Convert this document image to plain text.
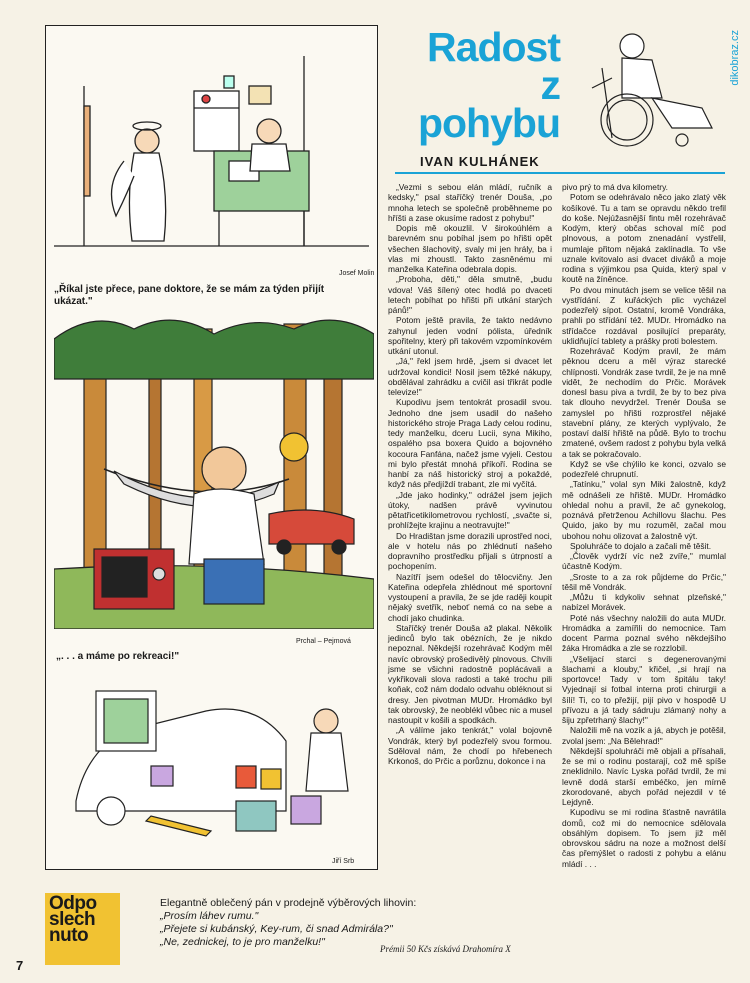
dikobraz.cz
Josef Molin
„Říkal jste přece, pane doktore, že se mám za týden přijít ukázat."
Prchal – Pejmová
„. . . a máme po rekreaci!"
Jiří Srb
Radost
z
pohybu
IVAN KULHÁNEK

„Vezmi s sebou elán mládí, ručník a kedsky," psal staříčký trenér Douša, „po mnoha letech se společně proběhneme po hříšti a zase okusíme radost z pohybu!"

Dopis mě okouzlil. V širokoúhlém a barevném snu pobíhal jsem po hřišti opět všechen šlachovitý, svaly mi jen hrály, ba i vlas mi zhoustl. Takto zasněnému mi manželka Kateřina odebrala dopis.

„Proboha, děti," děla smutně, „budu vdova! Váš šílený otec hodlá po dvaceti letech pobíhat po hřišti při utkání starých pánů!"

Potom ještě pravila, že takto nedávno zahynul jeden vodní pólista, úředník spořitelny, který při takovém vzpomínkovém utkání utonul.

„Já," řekl jsem hrdě, „jsem si dvacet let udržoval kondici! Nosil jsem těžké nákupy, obdělával zahrádku a cvičil asi třikrát podle televize!"

Kupodivu jsem tentokrát prosadil svou. Jednoho dne jsem usadil do našeho historického stroje Praga Lady celou rodinu, tedy manželku, dceru Lucii, syna Mikiho, ospalého psa boxera Quido a bojovného kocoura Fanfána, načež jsme vyjeli. Cestou mi bylo přestát mnohá příkoří. Rodina se hanbí za náš historický stroj a pokaždé, když nás předjíždí trabant, zle mi vyčítá.

„Jde jako hodinky," odrážel jsem jejich útoky, nadšen právě vyvinutou pětatřicetikilometrovou rychlostí, „svačte si, prohlížejte krajinu a neotravujte!"

Do Hradištan jsme dorazili uprostřed noci, ale v hotelu nás po zhlédnutí našeho dopravního prostředku přijali s útrpností a pochopením.

Nazítří jsem odešel do tělocvičny. Jen Kateřina odepřela zhlédnout mé sportovní vystoupení a pravila, že se jde raději koupit nějaký svetřík, neboť nemá co na sebe a chodí jako chudinka.

Staříčký trenér Douša až plakal. Několik jedinců bylo tak obézních, že je nikdo nepoznal. Někdejší rozehrávač Kodým měl navíc obrovský prošedivělý plnovous. Chvíli jsme se všichni radostně poplácávali a vykřikovali slova radosti a také trochu pili koňak, což nám dodalo odvahu obléknout si dresy. Jen pivotman MUDr. Hromádko byl tak obrovský, že neoblékl vůbec nic a musel nastoupit v košili a spodkách.

„A válíme jako tenkrát," volal bojovně Vondrák, který byl podezřelý svou formou. Sděloval nám, že chodí po hřebenech Krkonoš, do Prčic a porůznu, dokonce i na

pivo prý to má dva kilometry.

Potom se odehrávalo něco jako zlatý věk košíkové. Tu a tam se opravdu někdo trefil do koše. Nejúžasnější fintu měl rozehrávač Kodým, který občas schoval míč pod plnovous, a potom znenadání vystřelil, mumlaje přitom nějaká zaklínadla. To vše uznale kvitovalo asi dvacet diváků a moje rodina s výjimkou psa Quida, který spal v koutě na žíněnce.

Po dvou minutách jsem se velice těšil na vystřídání. Z kuřáckých plic vycházel podezřelý sípot. Ostatní, kromě Vondráka, prahli po střídání též. MUDr. Hromádko na střídačce rozdával posilující preparáty, uklidňující tablety a prášky proti bolestem.

Rozehrávač Kodým pravil, že mám pěknou dceru a měl výraz starecké chlípnosti. Vondrák zase tvrdil, že je na mně vidět, že nechodím do Prčic. Morávek donesl basu piva a tvrdil, že by to bez piva tak dlouho nevydržel. Trenér Douša se zamyslel po hřišti rozprostřel nějaké stavební plány, ze kterých vyplývalo, že postaví další hřiště na půdě. Bylo to trochu zmatené, ovšem radost z pohybu byla velká a tak se pokračovalo.

Když se vše chýlilo ke konci, ozvalo se podezřelé chrupnutí.

„Tatínku," volal syn Miki žalostně, když mě odnášeli ze hřiště. MUDr. Hromádko ohledal nohu a pravil, že ač gynekolog, poznává přetrženou Achillovu šlachu. Pes Quido, jako by mu rozuměl, začal mou ubohou nohu olizovat a žalostně výt.

Spoluhráče to dojalo a začali mě těšit.

„Člověk vydrží víc než zvíře," mumlal účastně Kodým.

„Sroste to a za rok půjdeme do Prčic," těšil mě Vondrák.

„Můžu ti kdykoliv sehnat plzeňské," nabízel Morávek.

Poté nás všechny naložili do auta MUDr. Hromádka a zamířili do nemocnice. Tam docent Parma poznal svého někdejšího žáka Hromádka a zle se rozzlobil.

„Všelijací starci s degenerovanými šlachami a klouby," křičel, „si hrají na sportovce! Tady v tom špitálu taky! Vyjednají si fotbal interna proti chirurgii a šílí! Ti, co to přežijí, pijí pivo v hospodě U přívozu a já tady sádruju zlámaný nohy a šiju zpřetrhaný šlachy!"

Naložili mě na vozík a já, abych je potěšil, zvolal jsem: „Na Bělehrad!"

Někdejší spoluhráči mě objali a přísahali, že se mi o rodinu postarají, což mě spíše zneklidnilo. Navíc Lyska pořád tvrdil, že mi levně dodá starší embéčko, jen mírně zkorodované, abych pořád nejezdil v té Lejdyně.

Kupodivu se mi rodina šťastně navrátila domů, což mi do nemocnice sdělovala obsáhlým dopisem. To jsem již měl obrovskou sádru na noze a možnost delší čas přemýšlet o radosti z pohybu a elánu mládí . . .

Odpo
slech
nuto
Elegantně oblečený pán v prodejně výběrových lihovin:
„Prosím láhev rumu."
„Přejete si kubánský, Key-rum, či snad Admirála?"
„Ne, zednickej, to je pro manželku!"
Prémii 50 Kčs získává Drahomíra X
7
